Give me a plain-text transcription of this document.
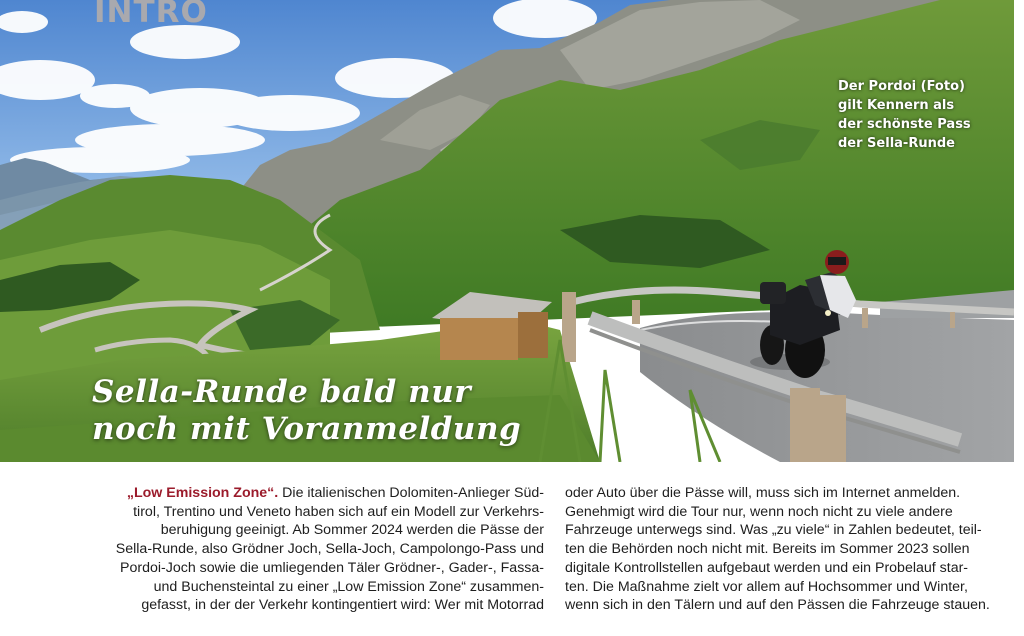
INTRO
Der Pordoi (Foto)
gilt Kennern als
der schönste Pass
der Sella-Runde
Sella-Runde bald nur
noch mit Voranmeldung
„Low Emission Zone“. Die italienischen Dolomiten-Anlieger Süd-
tirol, Trentino und Veneto haben sich auf ein Modell zur Verkehrs-
beruhigung geeinigt. Ab Sommer 2024 werden die Pässe der
Sella-Runde, also Grödner Joch, Sella-Joch, Campolongo-Pass und
Pordoi-Joch sowie die umliegenden Täler Grödner-, Gader-, Fassa-
und Buchensteintal zu einer „Low Emission Zone“ zusammen-
gefasst, in der der Verkehr kontingentiert wird: Wer mit Motorrad
oder Auto über die Pässe will, muss sich im Internet anmelden.
Genehmigt wird die Tour nur, wenn noch nicht zu viele andere
Fahrzeuge unterwegs sind. Was „zu viele“ in Zahlen bedeutet, teil-
ten die Behörden noch nicht mit. Bereits im Sommer 2023 sollen
digitale Kontrollstellen aufgebaut werden und ein Probelauf star-
ten. Die Maßnahme zielt vor allem auf Hochsommer und Winter,
wenn sich in den Tälern und auf den Pässen die Fahrzeuge stauen.
